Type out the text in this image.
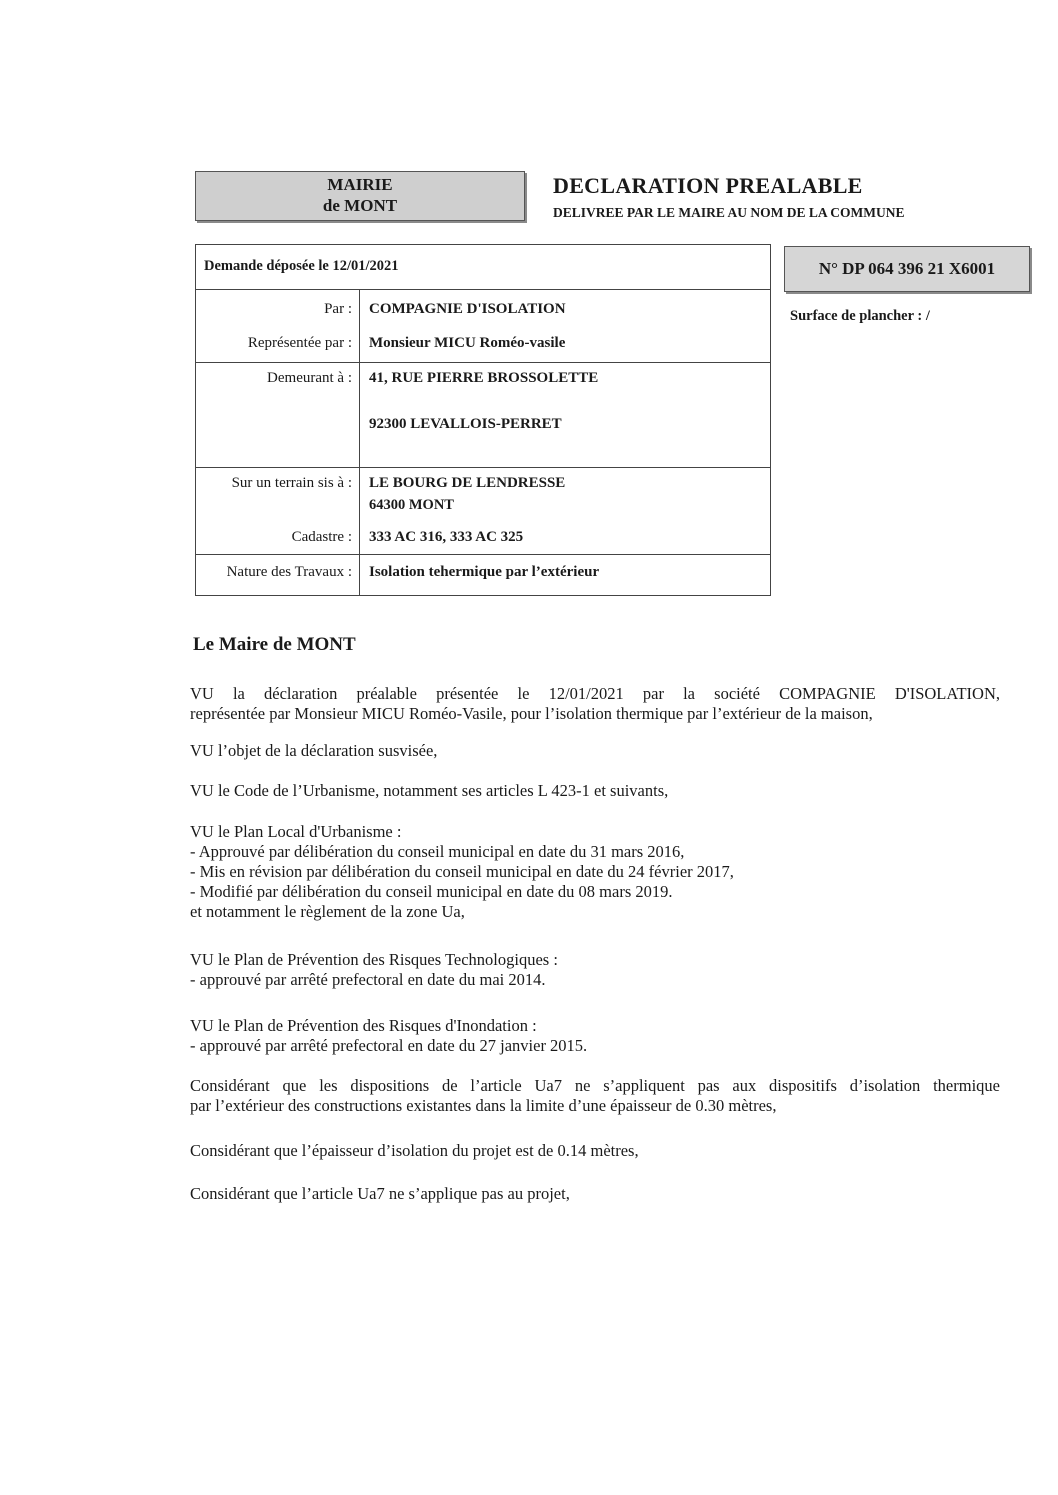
MAIRIE
de MONT
DECLARATION PREALABLE
DELIVREE PAR LE MAIRE AU NOM DE LA COMMUNE
N° DP 064 396 21 X6001
Surface de plancher : /
Demande déposée le 12/01/2021
Par : COMPAGNIE D'ISOLATION
Représentée par : Monsieur MICU Roméo-vasile
Demeurant à : 41, RUE PIERRE BROSSOLETTE
92300 LEVALLOIS-PERRET
Sur un terrain sis à : LE BOURG DE LENDRESSE
64300 MONT
Cadastre : 333 AC 316, 333 AC 325
Nature des Travaux : Isolation tehermique par l’extérieur
Le Maire de MONT
VU la déclaration préalable présentée le 12/01/2021 par la société COMPAGNIE D'ISOLATION,
représentée par Monsieur MICU Roméo-Vasile, pour l’isolation thermique par l’extérieur de la maison,
VU l’objet de la déclaration susvisée,
VU le Code de l’Urbanisme, notamment ses articles L 423-1 et suivants,
VU le Plan Local d'Urbanisme :
- Approuvé par délibération du conseil municipal en date du 31 mars 2016,
- Mis en révision par délibération du conseil municipal en date du 24 février 2017,
- Modifié par délibération du conseil municipal en date du 08 mars 2019.
et notamment le règlement de la zone Ua,
VU le Plan de Prévention des Risques Technologiques :
- approuvé par arrêté prefectoral en date du mai 2014.
VU le Plan de Prévention des Risques d'Inondation :
- approuvé par arrêté prefectoral en date du 27 janvier 2015.
Considérant que les dispositions de l’article Ua7 ne s’appliquent pas aux dispositifs d’isolation thermique
par l’extérieur des constructions existantes dans la limite d’une épaisseur de 0.30 mètres,
Considérant que l’épaisseur d’isolation du projet est de 0.14 mètres,
Considérant que l’article Ua7 ne s’applique pas au projet,
